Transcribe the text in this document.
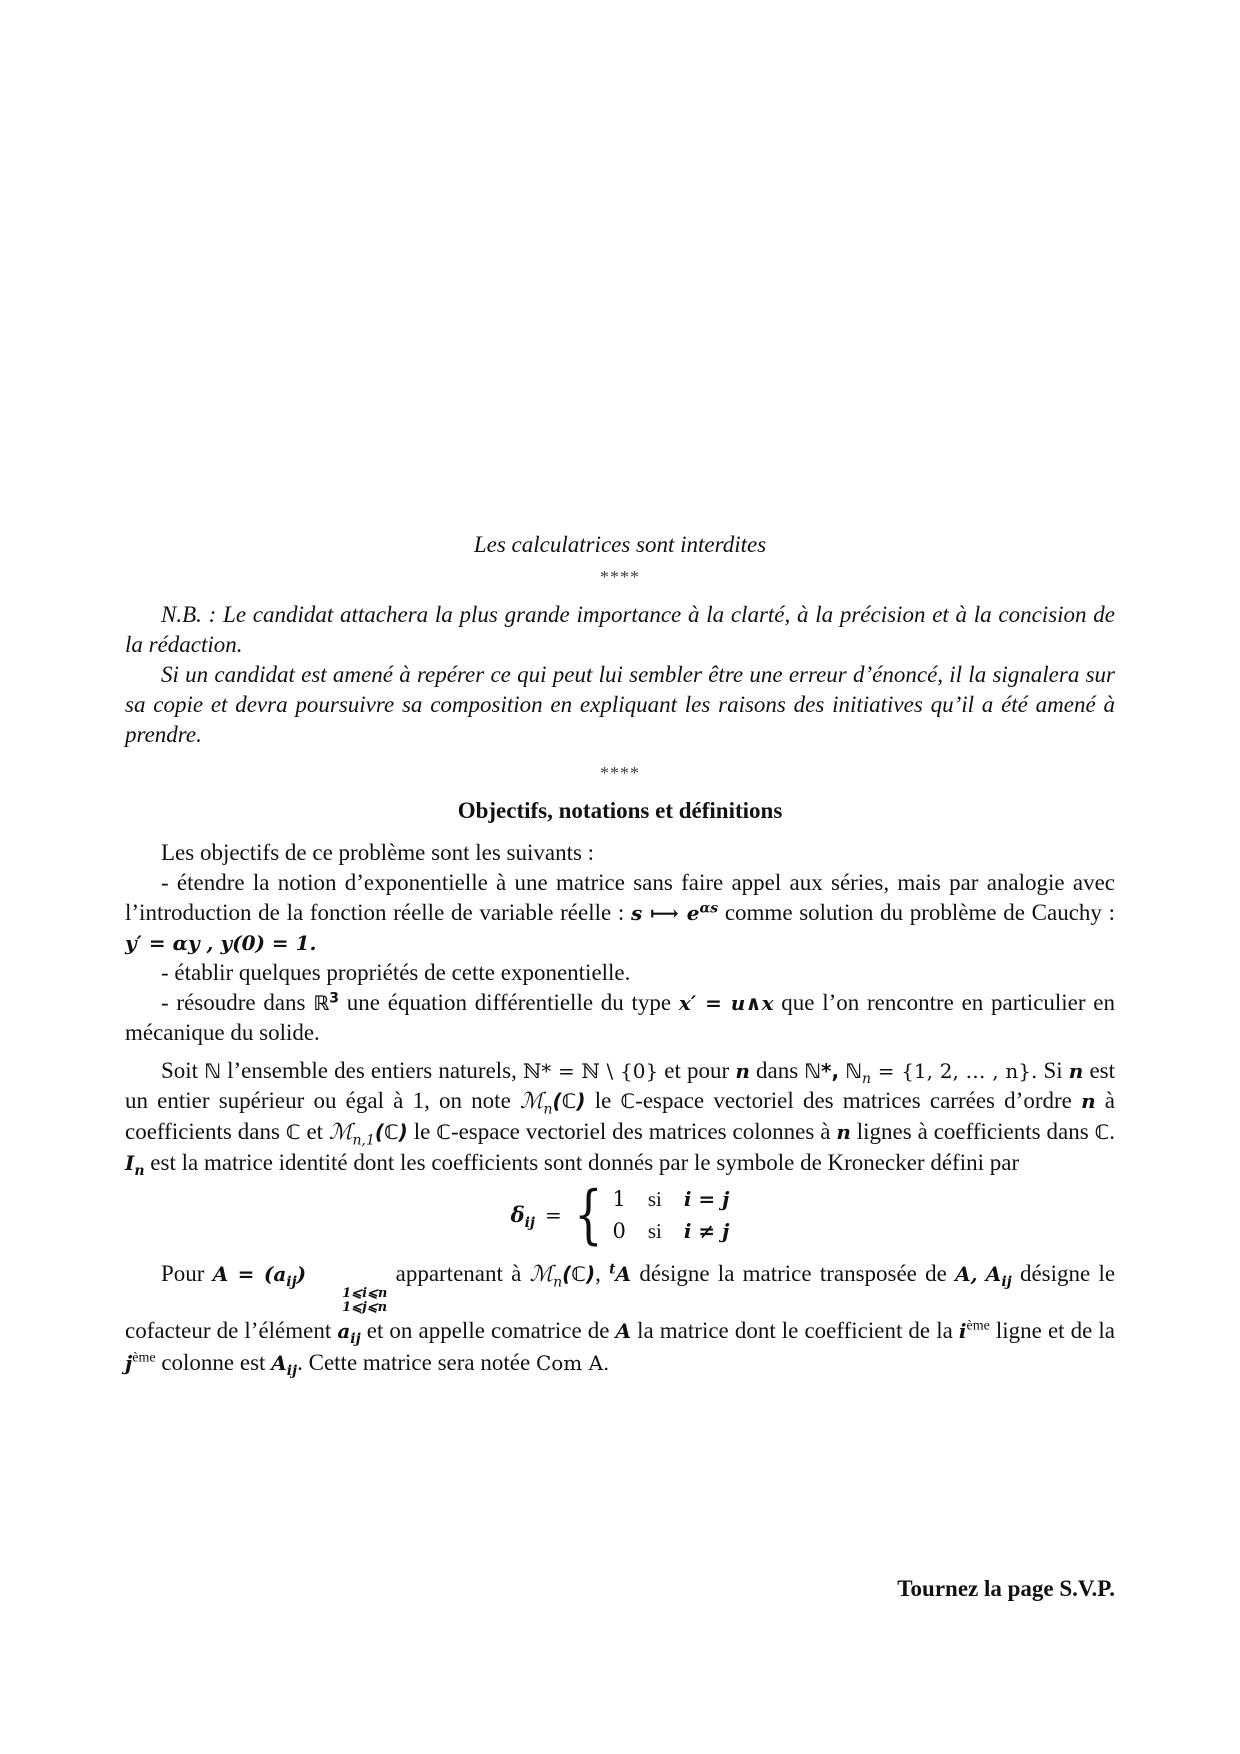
Les calculatrices sont interdites
****

N.B. : Le candidat attachera la plus grande importance à la clarté, à la précision et à la concision de la rédaction.

Si un candidat est amené à repérer ce qui peut lui sembler être une erreur d’énoncé, il la signalera sur sa copie et devra poursuivre sa composition en expliquant les raisons des initiatives qu’il a été amené à prendre.

****
Objectifs, notations et définitions

Les objectifs de ce problème sont les suivants :

- étendre la notion d’exponentielle à une matrice sans faire appel aux séries, mais par analogie avec l’introduction de la fonction réelle de variable réelle : s ⟼ $e^{\alpha s}$ comme solution du problème de Cauchy : y′ = αy , y(0) = 1.

- établir quelques propriétés de cette exponentielle.

- résoudre dans ℝ$^3$ une équation différentielle du type x′ = u∧x que l’on rencontre en particulier en mécanique du solide.

Soit ℕ l’ensemble des entiers naturels, ℕ* = ℕ \ {0} et pour n dans ℕ*, ℕ$_n$ = {1, 2, … , n}. Si n est un entier supérieur ou égal à 1, on note ℳ$_n$(ℂ) le ℂ-espace vectoriel des matrices carrées d’ordre n à coefficients dans ℂ et ℳ$_{n,1}$(ℂ) le ℂ-espace vectoriel des matrices colonnes à n lignes à coefficients dans ℂ. $I_n$ est la matrice identité dont les coefficients sont donnés par le symbole de Kronecker défini par

$\delta_{ij}$ = { 1 si i = j
0 si i ≠ j

Pour $A = (a_{ij})$
1⩽i⩽n
1⩽j⩽n
appartenant à ℳ$_n$(ℂ), $^t$A désigne la matrice transposée de A, $A_{ij}$ désigne le cofacteur de l’élément $a_{ij}$ et on appelle comatrice de A la matrice dont le coefficient de la $i^{ème}$ ligne et de la $j^{ème}$ colonne est $A_{ij}$. Cette matrice sera notée Com A.

Tournez la page S.V.P.
